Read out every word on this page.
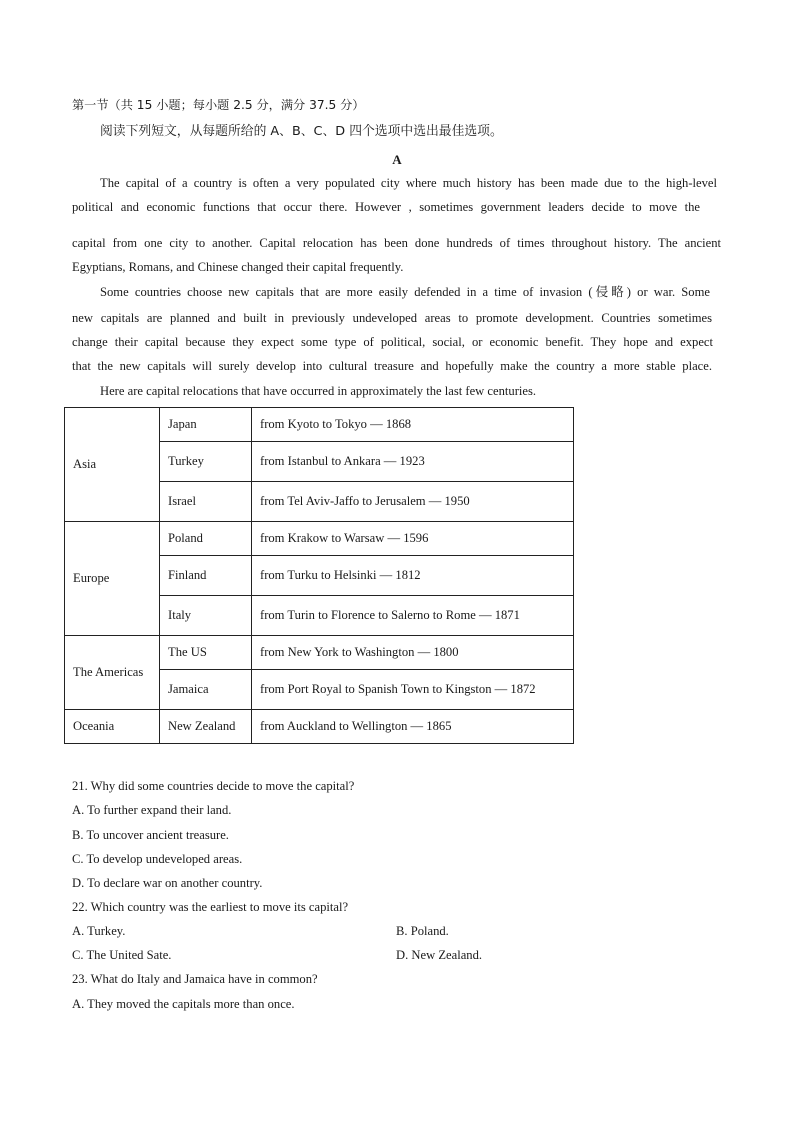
第一节（共 15 小题；每小题 2.5 分，满分 37.5 分）
阅读下列短文，从每题所给的 A、B、C、D 四个选项中选出最佳选项。
A
The capital of a country is often a very populated city where much history has been made due to the high-level
political and economic functions that occur there. However , sometimes government leaders decide to move the
capital from one city to another. Capital relocation has been done hundreds of times throughout history. The ancient
Egyptians, Romans, and Chinese changed their capital frequently.
Some countries choose new capitals that are more easily defended in a time of invasion (侵略) or war. Some
new capitals are planned and built in previously undeveloped areas to promote development. Countries sometimes
change their capital because they expect some type of political, social, or economic benefit. They hope and expect
that the new capitals will surely develop into cultural treasure and hopefully make the country a more stable place.
Here are capital relocations that have occurred in approximately the last few centuries.
Asia	Japan	from Kyoto to Tokyo — 1868
	Turkey	from Istanbul to Ankara — 1923
	Israel	from Tel Aviv-Jaffo to Jerusalem — 1950
Europe	Poland	from Krakow to Warsaw — 1596
	Finland	from Turku to Helsinki — 1812
	Italy	from Turin to Florence to Salerno to Rome — 1871
The Americas	The US	from New York to Washington — 1800
	Jamaica	from Port Royal to Spanish Town to Kingston — 1872
Oceania	New Zealand	from Auckland to Wellington — 1865
21. Why did some countries decide to move the capital?
A. To further expand their land.
B. To uncover ancient treasure.
C. To develop undeveloped areas.
D. To declare war on another country.
22. Which country was the earliest to move its capital?
A. Turkey.	B. Poland.
C. The United Sate.	D. New Zealand.
23. What do Italy and Jamaica have in common?
A. They moved the capitals more than once.
